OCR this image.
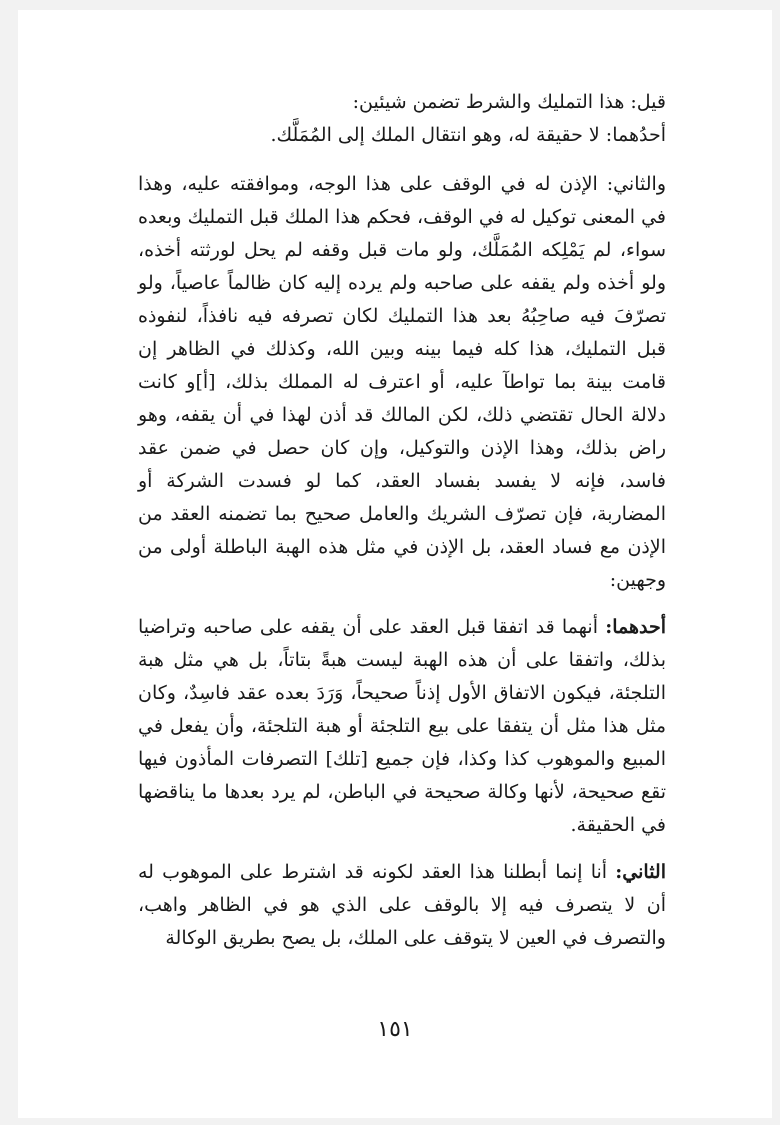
قيل: هذا التمليك والشرط تضمن شيئين:

أحدُهما: لا حقيقة له، وهو انتقال الملك إلى المُمَلَّك.

والثاني: الإذن له في الوقف على هذا الوجه، وموافقته عليه، وهذا في المعنى توكيل له في الوقف، فحكم هذا الملك قبل التمليك وبعده سواء، لم يَمْلِكه المُمَلَّك، ولو مات قبل وقفه لم يحل لورثته أخذه، ولو أخذه ولم يقفه على صاحبه ولم يرده إليه كان ظالماً عاصياً، ولو تصرّفَ فيه صاحِبُهُ بعد هذا التمليك لكان تصرفه فيه نافذاً، لنفوذه قبل التمليك، هذا كله فيما بينه وبين الله، وكذلك في الظاهر إن قامت بينة بما تواطآ عليه، أو اعترف له المملك بذلك، [أ]و كانت دلالة الحال تقتضي ذلك، لكن المالك قد أذن لهذا في أن يقفه، وهو راض بذلك، وهذا الإذن والتوكيل، وإن كان حصل في ضمن عقد فاسد، فإنه لا يفسد بفساد العقد، كما لو فسدت الشركة أو المضاربة، فإن تصرّف الشريك والعامل صحيح بما تضمنه العقد من الإذن مع فساد العقد، بل الإذن في مثل هذه الهبة الباطلة أولى من وجهين:

أحدهما: أنهما قد اتفقا قبل العقد على أن يقفه على صاحبه وتراضيا بذلك، واتفقا على أن هذه الهبة ليست هبةً بتاتاً، بل هي مثل هبة التلجئة، فيكون الاتفاق الأول إذناً صحيحاً، وَرَدَ بعده عقد فاسِدٌ، وكان مثل هذا مثل أن يتفقا على بيع التلجئة أو هبة التلجئة، وأن يفعل في المبيع والموهوب كذا وكذا، فإن جميع [تلك] التصرفات المأذون فيها تقع صحيحة، لأنها وكالة صحيحة في الباطن، لم يرد بعدها ما يناقضها في الحقيقة.

الثاني: أنا إنما أبطلنا هذا العقد لكونه قد اشترط على الموهوب له أن لا يتصرف فيه إلا بالوقف على الذي هو في الظاهر واهب، والتصرف في العين لا يتوقف على الملك، بل يصح بطريق الوكالة

١٥١
